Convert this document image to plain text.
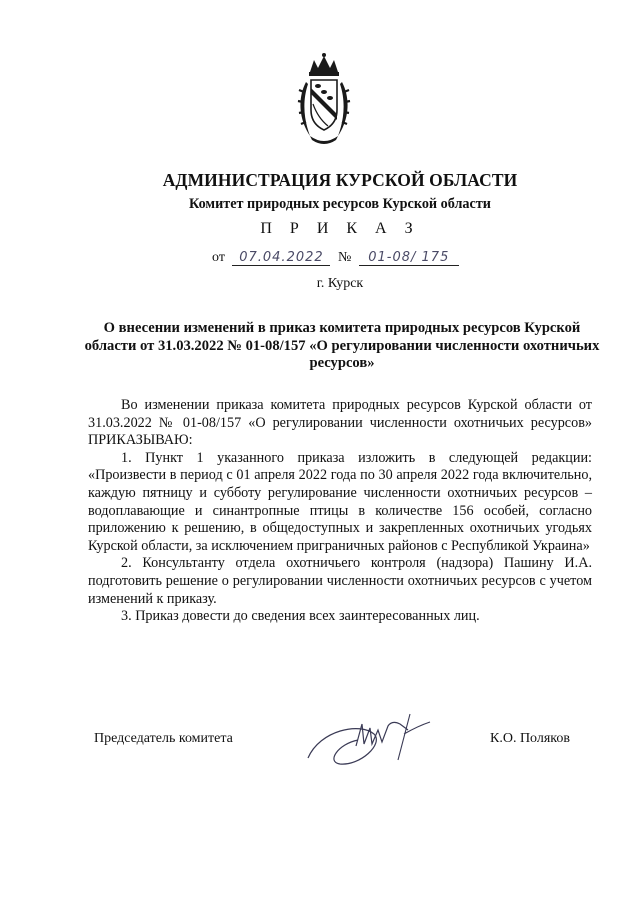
АДМИНИСТРАЦИЯ КУРСКОЙ ОБЛАСТИ
Комитет природных ресурсов Курской области
П Р И К А З
от 07.04.2022 № 01-08/ 175
г. Курск
О внесении изменений в приказ комитета природных ресурсов Курской области от 31.03.2022 № 01-08/157 «О регулировании численности охотничьих ресурсов»

Во изменении приказа комитета природных ресурсов Курской области от 31.03.2022 № 01-08/157 «О регулировании численности охотничьих ресурсов» ПРИКАЗЫВАЮ:

1. Пункт 1 указанного приказа изложить в следующей редакции: «Произвести в период с 01 апреля 2022 года по 30 апреля 2022 года включительно, каждую пятницу и субботу регулирование численности охотничьих ресурсов – водоплавающие и синантропные птицы в количестве 156 особей, согласно приложению к решению, в общедоступных и закрепленных охотничьих угодьях Курской области, за исключением приграничных районов с Республикой Украина»

2. Консультанту отдела охотничьего контроля (надзора) Пашину И.А. подготовить решение о регулировании численности охотничьих ресурсов с учетом изменений к приказу.

3. Приказ довести до сведения всех заинтересованных лиц.

Председатель комитета	К.О. Поляков
